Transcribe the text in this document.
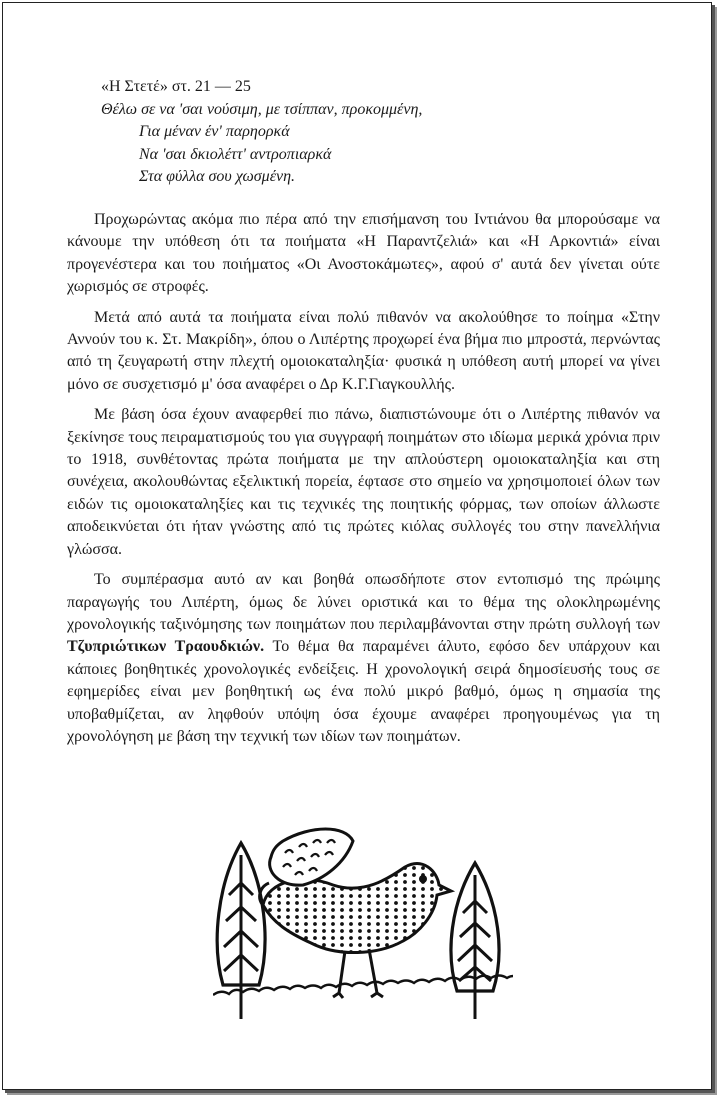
«Η Στετέ» στ. 21 — 25
Θέλω σε να 'σαι νούσιμη, με τσίππαν, προκομμένη,
Για μέναν έν' παρηορκά
Να 'σαι δκιολέττ' αντροπιαρκά
Στα φύλλα σου χωσμένη.

Προχωρώντας ακόμα πιο πέρα από την επισήμανση του Ιντιάνου θα μπορούσαμε να κάνουμε την υπόθεση ότι τα ποιήματα «Η Παραντζελιά» και «Η Αρκοντιά» είναι προγενέστερα και του ποιήματος «Οι Ανοστοκάμωτες», αφού σ' αυτά δεν γίνεται ούτε χωρισμός σε στροφές.

Μετά από αυτά τα ποιήματα είναι πολύ πιθανόν να ακολούθησε το ποίημα «Στην Αννούν του κ. Στ. Μακρίδη», όπου ο Λιπέρτης προχωρεί ένα βήμα πιο μπροστά, περνώντας από τη ζευγαρωτή στην πλεχτή ομοιοκαταληξία· φυσικά η υπόθεση αυτή μπορεί να γίνει μόνο σε συσχετισμό μ' όσα αναφέρει ο Δρ Κ.Γ.Γιαγκουλλής.

Με βάση όσα έχουν αναφερθεί πιο πάνω, διαπιστώνουμε ότι ο Λιπέρτης πιθανόν να ξεκίνησε τους πειραματισμούς του για συγγραφή ποιημάτων στο ιδίωμα μερικά χρόνια πριν το 1918, συνθέτοντας πρώτα ποιήματα με την απλούστερη ομοιοκαταληξία και στη συνέχεια, ακολουθώντας εξελικτική πορεία, έφτασε στο σημείο να χρησιμοποιεί όλων των ειδών τις ομοιοκαταληξίες και τις τεχνικές της ποιητικής φόρμας, των οποίων άλλωστε αποδεικνύεται ότι ήταν γνώστης από τις πρώτες κιόλας συλλογές του στην πανελλήνια γλώσσα.

Το συμπέρασμα αυτό αν και βοηθά οπωσδήποτε στον εντοπισμό της πρώιμης παραγωγής του Λιπέρτη, όμως δε λύνει οριστικά και το θέμα της ολοκληρωμένης χρονολογικής ταξινόμησης των ποιημάτων που περιλαμβάνονται στην πρώτη συλλογή των Τζυπριώτικων Τραουδκιών. Το θέμα θα παραμένει άλυτο, εφόσο δεν υπάρχουν και κάποιες βοηθητικές χρονολογικές ενδείξεις. Η χρονολογική σειρά δημοσίευσής τους σε εφημερίδες είναι μεν βοηθητική ως ένα πολύ μικρό βαθμό, όμως η σημασία της υποβαθμίζεται, αν ληφθούν υπόψη όσα έχουμε αναφέρει προηγουμένως για τη χρονολόγηση με βάση την τεχνική των ιδίων των ποιημάτων.
